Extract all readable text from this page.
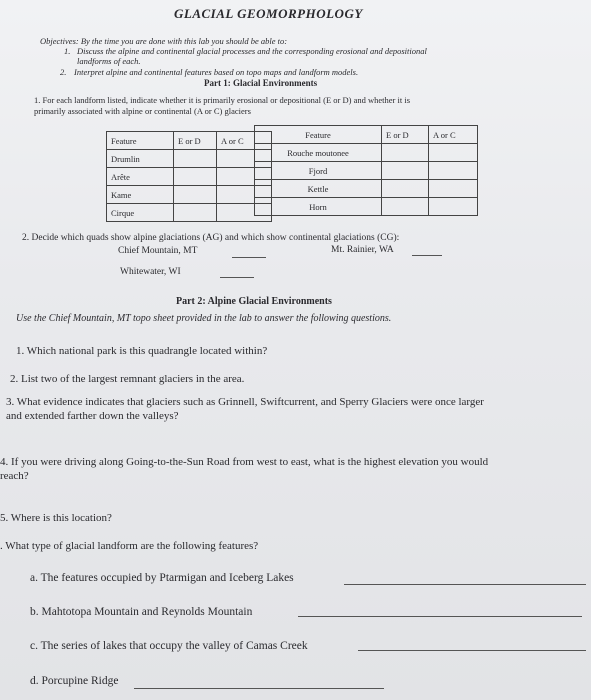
GLACIAL GEOMORPHOLOGY
Objectives: By the time you are done with this lab you should be able to:
1. Discuss the alpine and continental glacial processes and the corresponding erosional and depositional
landforms of each.
2. Interpret alpine and continental features based on topo maps and landform models.
Part 1: Glacial Environments
1. For each landform listed, indicate whether it is primarily erosional or depositional (E or D) and whether it is
primarily associated with alpine or continental (A or C) glaciers
Feature	E or D	A or C
Drumlin		
Arête		
Kame		
Cirque		
Feature	E or D	A or C
Rouche moutonee		
Fjord		
Kettle		
Horn		
2. Decide which quads show alpine glaciations (AG) and which show continental glaciations (CG):
Chief Mountain, MT	Mt. Rainier, WA
Whitewater, WI
Part 2: Alpine Glacial Environments
Use the Chief Mountain, MT topo sheet provided in the lab to answer the following questions.
1. Which national park is this quadrangle located within?
2. List two of the largest remnant glaciers in the area.
3. What evidence indicates that glaciers such as Grinnell, Swiftcurrent, and Sperry Glaciers were once larger
and extended farther down the valleys?
4. If you were driving along Going-to-the-Sun Road from west to east, what is the highest elevation you would
reach?
5. Where is this location?
. What type of glacial landform are the following features?
a. The features occupied by Ptarmigan and Iceberg Lakes
b. Mahtotopa Mountain and Reynolds Mountain
c. The series of lakes that occupy the valley of Camas Creek
d. Porcupine Ridge
